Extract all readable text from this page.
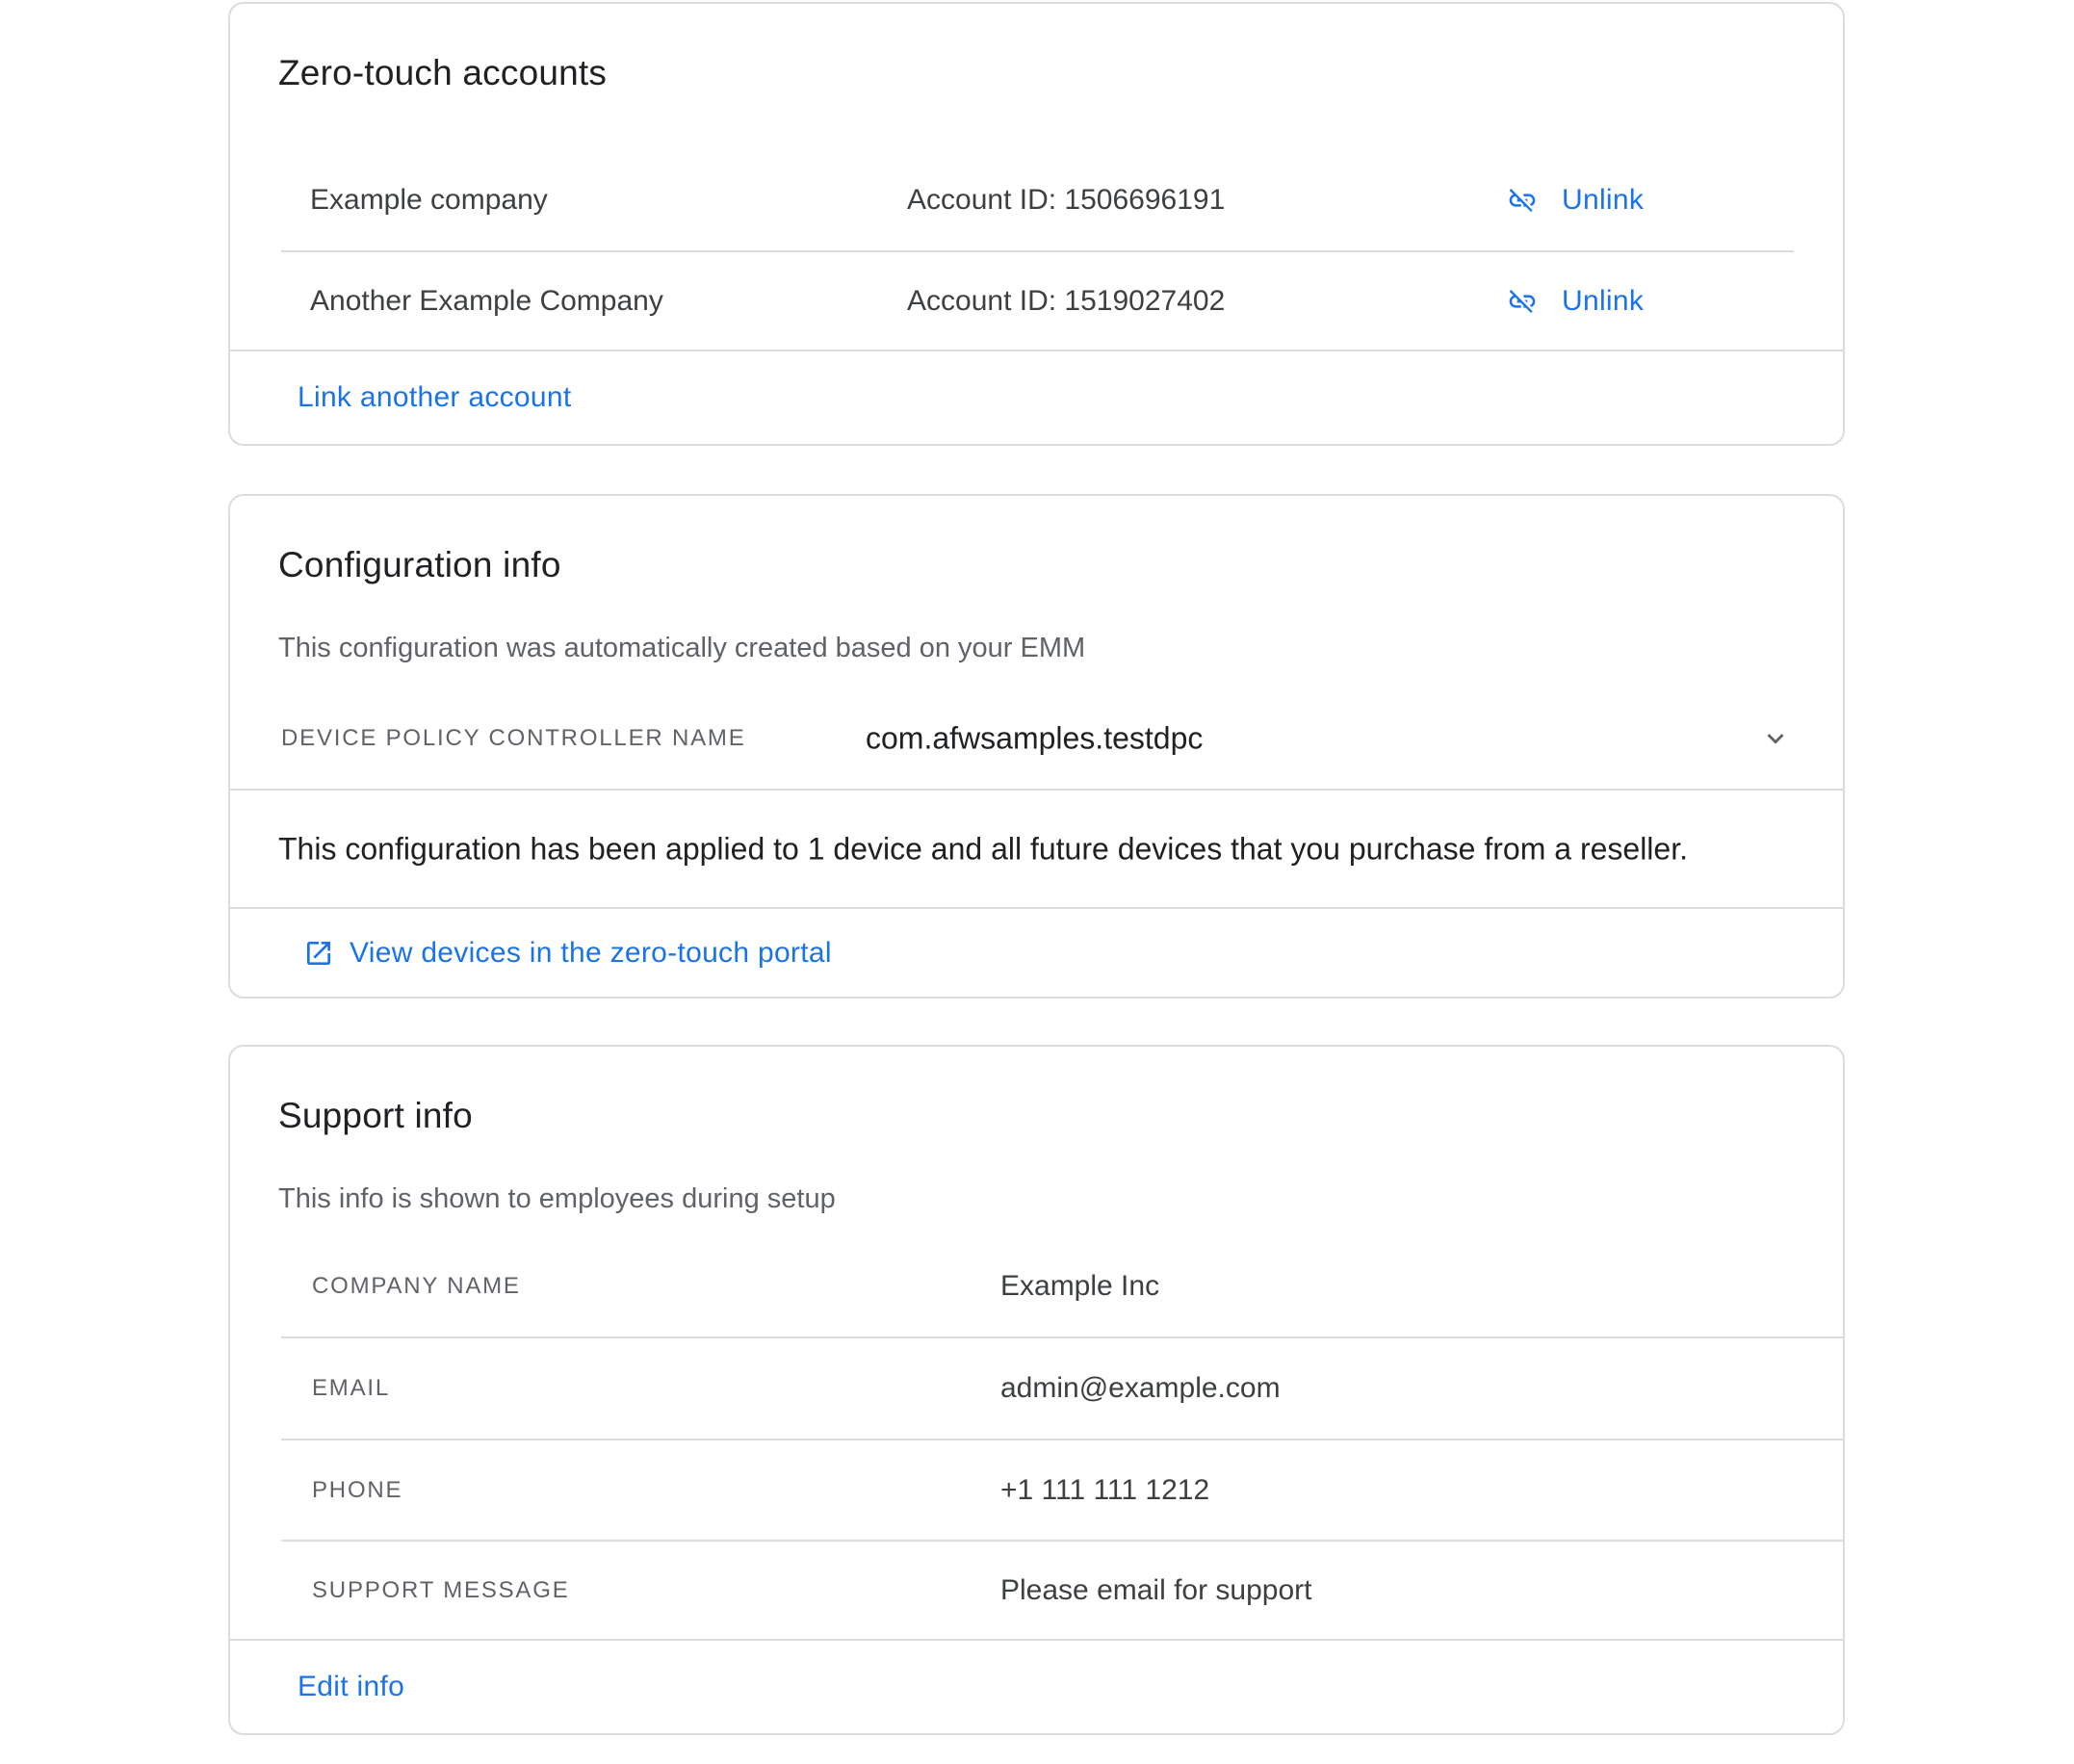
Zero-touch accounts
Example company	Account ID: 1506696191	Unlink
Another Example Company	Account ID: 1519027402	Unlink
Link another account
Configuration info
This configuration was automatically created based on your EMM
DEVICE POLICY CONTROLLER NAME	com.afwsamples.testdpc
This configuration has been applied to 1 device and all future devices that you purchase from a reseller.
View devices in the zero-touch portal
Support info
This info is shown to employees during setup
COMPANY NAME	Example Inc
EMAIL	admin@example.com
PHONE	+1 111 111 1212
SUPPORT MESSAGE	Please email for support
Edit info
